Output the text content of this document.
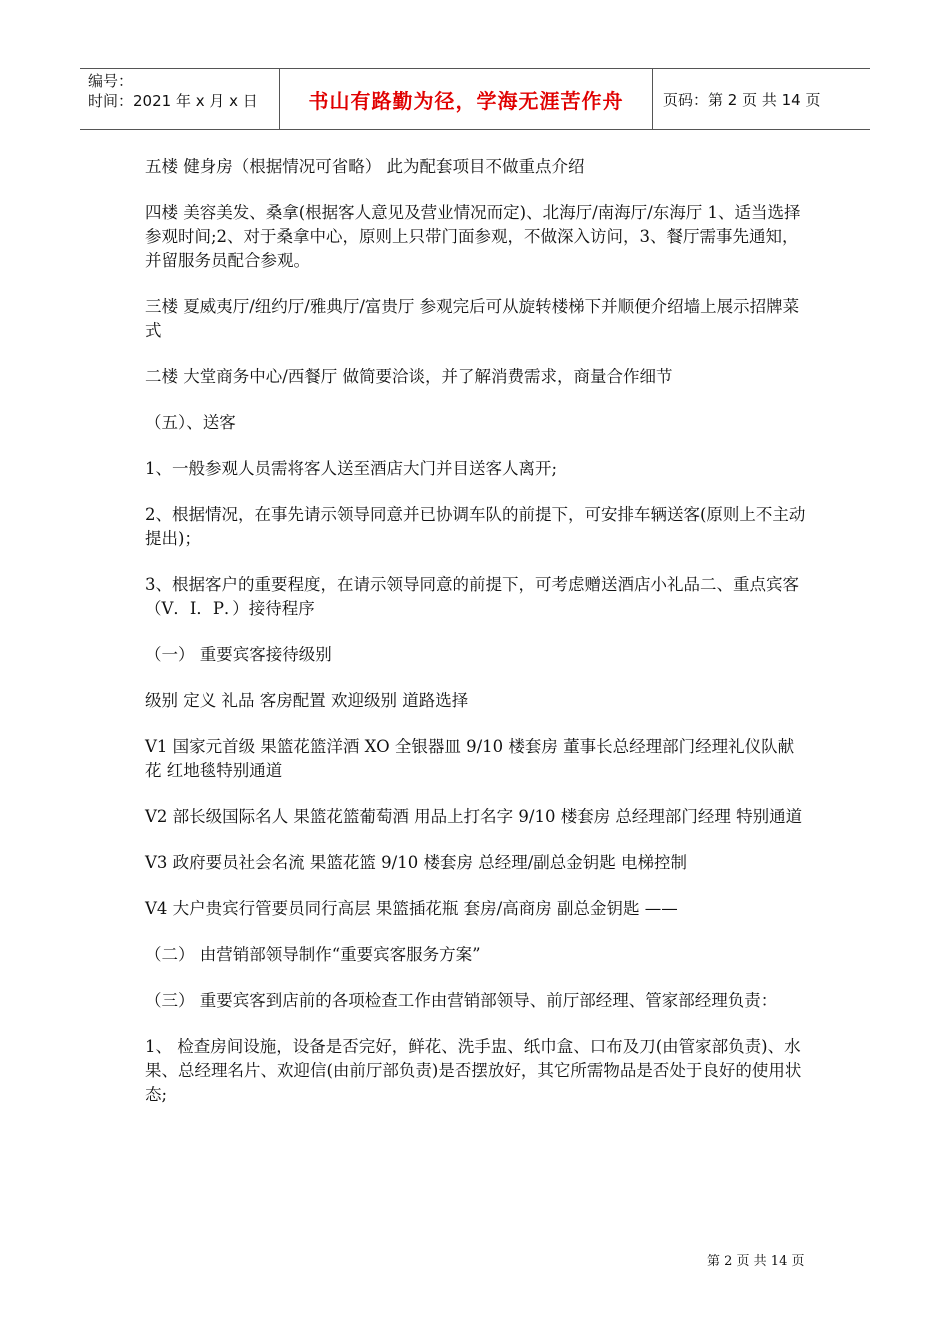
编号：
时间：2021 年 x 月 x 日	书山有路勤为径，学海无涯苦作舟	页码：第 2 页 共 14 页

五楼 健身房（根据情况可省略） 此为配套项目不做重点介绍

四楼 美容美发、桑拿(根据客人意见及营业情况而定)、北海厅/南海厅/东海厅 1、适当选择参观时间;2、对于桑拿中心，原则上只带门面参观，不做深入访问，3、餐厅需事先通知，并留服务员配合参观。

三楼 夏威夷厅/纽约厅/雅典厅/富贵厅 参观完后可从旋转楼梯下并顺便介绍墙上展示招牌菜式

二楼 大堂商务中心/西餐厅 做简要洽谈，并了解消费需求，商量合作细节

（五）、送客

1、一般参观人员需将客人送至酒店大门并目送客人离开;

2、根据情况，在事先请示领导同意并已协调车队的前提下，可安排车辆送客(原则上不主动提出)；

3、根据客户的重要程度，在请示领导同意的前提下，可考虑赠送酒店小礼品二、重点宾客（V．I．P．）接待程序

（一） 重要宾客接待级别

级别 定义 礼品 客房配置 欢迎级别 道路选择

V1 国家元首级 果篮花篮洋酒 XO 全银器皿 9/10 楼套房 董事长总经理部门经理礼仪队献花 红地毯特别通道

V2 部长级国际名人 果篮花篮葡萄酒 用品上打名字 9/10 楼套房 总经理部门经理 特别通道

V3 政府要员社会名流 果篮花篮 9/10 楼套房 总经理/副总金钥匙 电梯控制

V4 大户贵宾行管要员同行高层 果篮插花瓶 套房/高商房 副总金钥匙 ——

（二） 由营销部领导制作“重要宾客服务方案”

（三） 重要宾客到店前的各项检查工作由营销部领导、前厅部经理、管家部经理负责：

1、 检查房间设施，设备是否完好，鲜花、洗手盅、纸巾盒、口布及刀(由管家部负责)、水果、总经理名片、欢迎信(由前厅部负责)是否摆放好，其它所需物品是否处于良好的使用状态;

第 2 页 共 14 页
